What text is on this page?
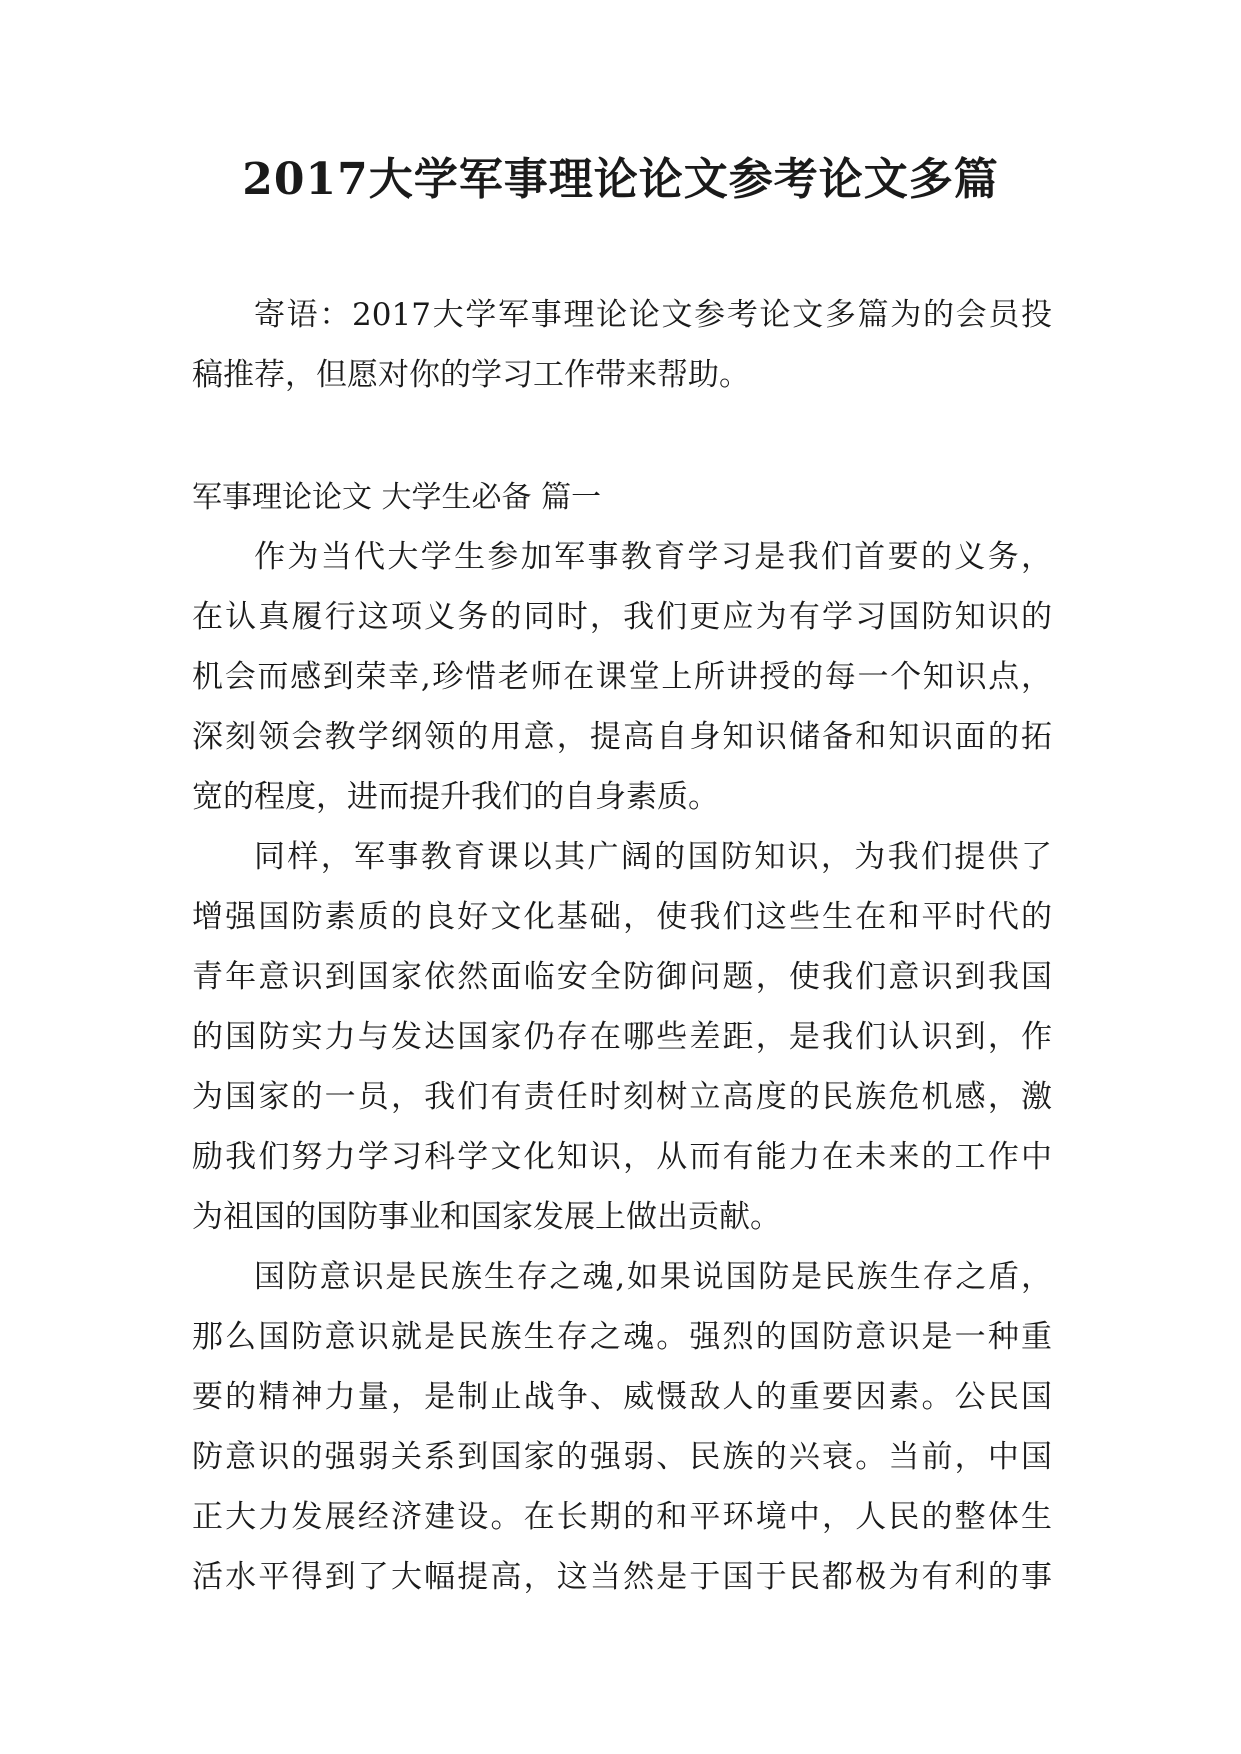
2017大学军事理论论文参考论文多篇
寄语：2017大学军事理论论文参考论文多篇为的会员投
稿推荐，但愿对你的学习工作带来帮助。
军事理论论文 大学生必备 篇一
作为当代大学生参加军事教育学习是我们首要的义务，
在认真履行这项义务的同时，我们更应为有学习国防知识的
机会而感到荣幸,珍惜老师在课堂上所讲授的每一个知识点，
深刻领会教学纲领的用意，提高自身知识储备和知识面的拓
宽的程度，进而提升我们的自身素质。
同样，军事教育课以其广阔的国防知识，为我们提供了
增强国防素质的良好文化基础，使我们这些生在和平时代的
青年意识到国家依然面临安全防御问题，使我们意识到我国
的国防实力与发达国家仍存在哪些差距，是我们认识到，作
为国家的一员，我们有责任时刻树立高度的民族危机感，激
励我们努力学习科学文化知识，从而有能力在未来的工作中
为祖国的国防事业和国家发展上做出贡献。
国防意识是民族生存之魂,如果说国防是民族生存之盾，
那么国防意识就是民族生存之魂。强烈的国防意识是一种重
要的精神力量，是制止战争、威慑敌人的重要因素。公民国
防意识的强弱关系到国家的强弱、民族的兴衰。当前，中国
正大力发展经济建设。在长期的和平环境中，人民的整体生
活水平得到了大幅提高，这当然是于国于民都极为有利的事
